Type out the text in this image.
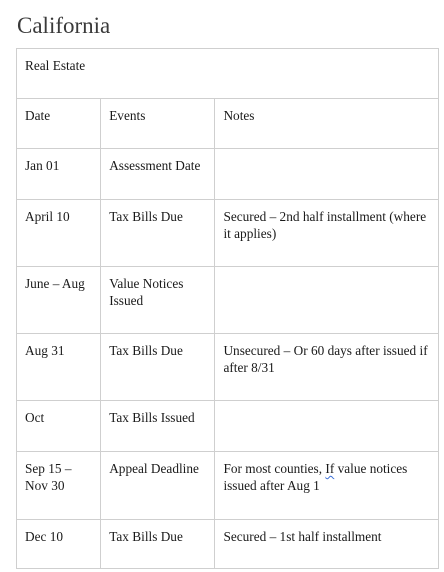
California
Real Estate		
Date	Events	Notes
Jan 01	Assessment Date	
April 10	Tax Bills Due	Secured – 2nd half installment (where it applies)
June – Aug	Value Notices Issued	
Aug 31	Tax Bills Due	Unsecured – Or 60 days after issued if after 8/31
Oct	Tax Bills Issued	
Sep 15 – Nov 30	Appeal Deadline	For most counties, If value notices issued after Aug 1
Dec 10	Tax Bills Due	Secured – 1st half installment
